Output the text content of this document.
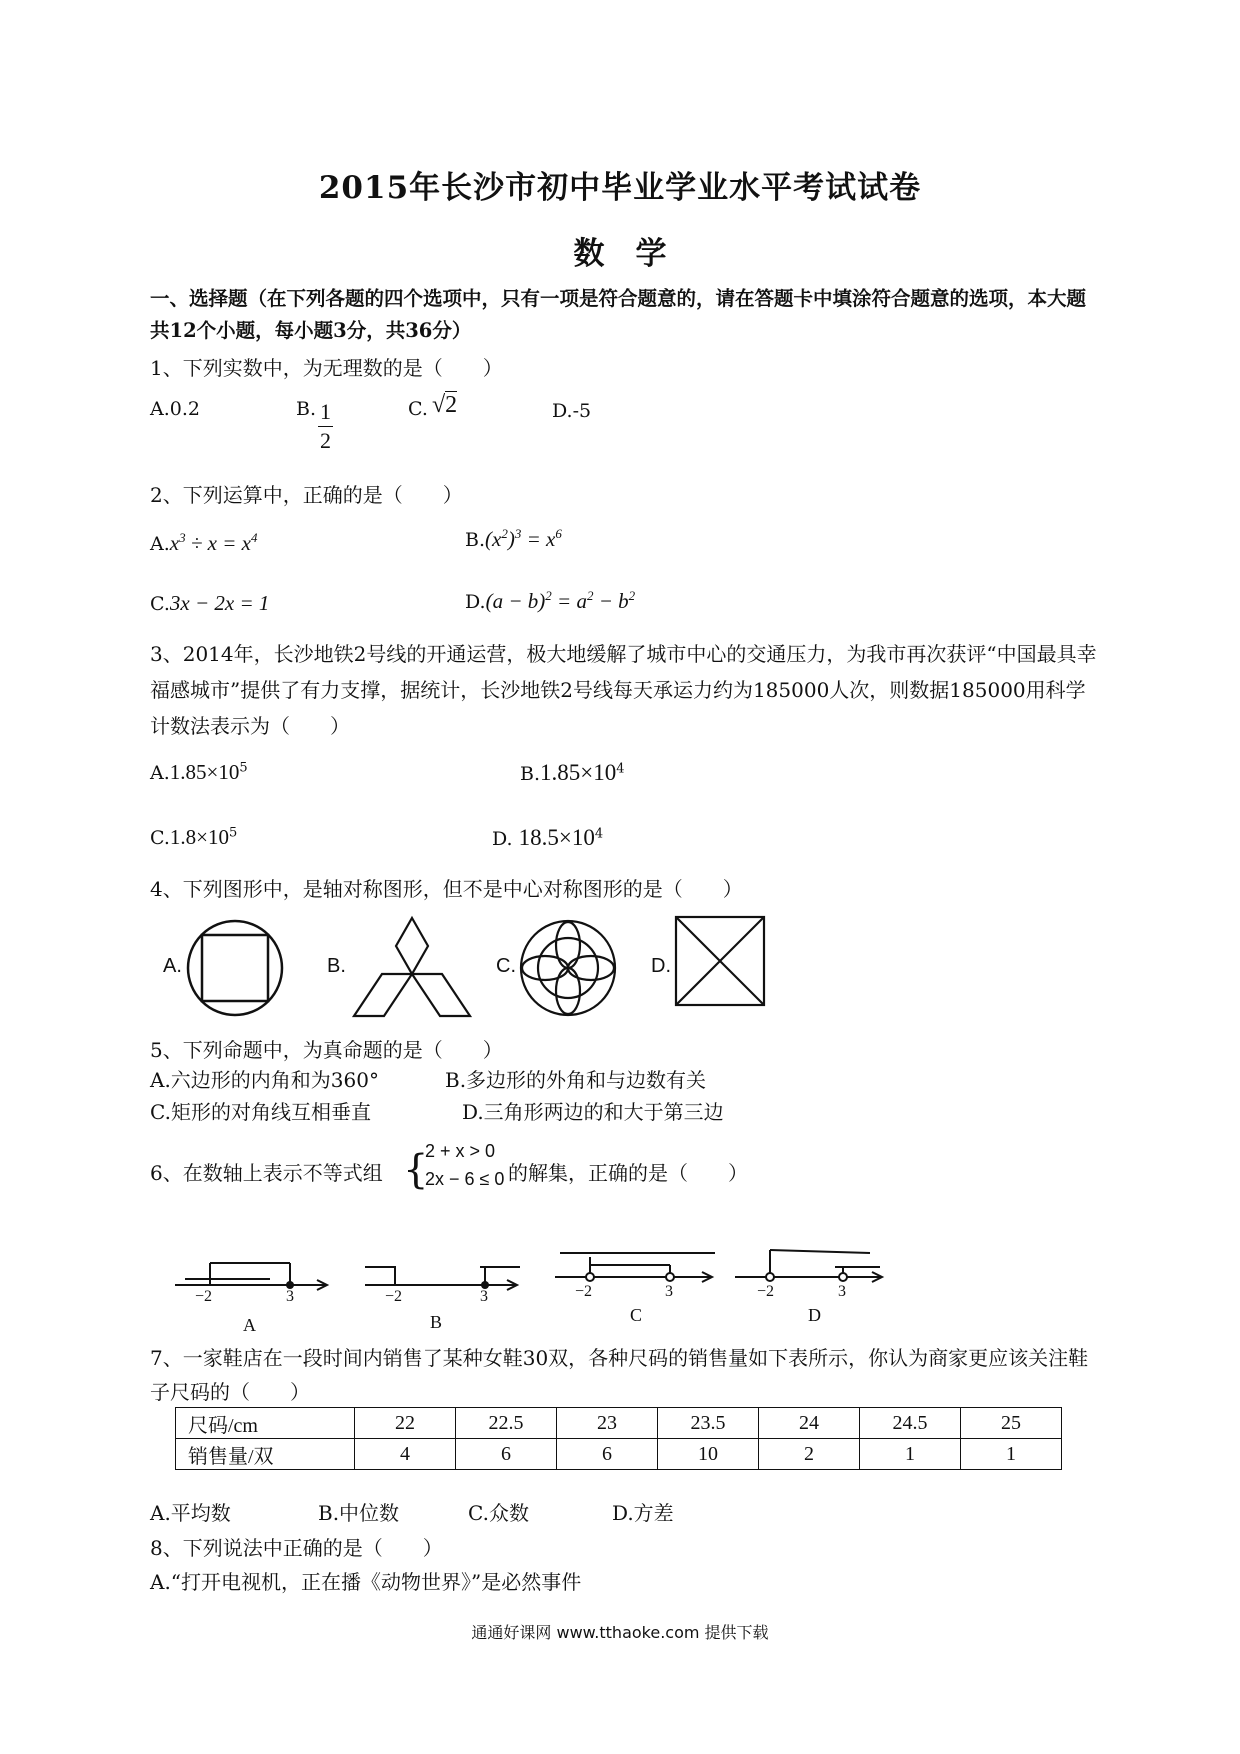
2015年长沙市初中毕业学业水平考试试卷
数　学
一、选择题（在下列各题的四个选项中，只有一项是符合题意的，请在答题卡中填涂符合题意的选项，本大题共12个小题，每小题3分，共36分）
1、下列实数中，为无理数的是（　　）
A.0.2	B. $\frac{1}{2}$	C. √2	D.-5
2、下列运算中，正确的是（　　）
$A.x^3 \div x = x^4$	$B.(x^2)^3 = x^6$
C.3x − 2x = 1	$D.(a - b)^2 = a^2 - b^2$
3、2014年，长沙地铁2号线的开通运营，极大地缓解了城市中心的交通压力，为我市再次获评“中国最具幸福感城市”提供了有力支撑，据统计，长沙地铁2号线每天承运力约为185000人次，则数据185000用科学计数法表示为（　　）
$A.1.85\times 10^5$	$B.1.85\times 10^4$
$C.1.8\times 10^5$	D. $18.5\times 10^4$
4、下列图形中，是轴对称图形，但不是中心对称图形的是（　　）
A.	B.	C.	D.
5、下列命题中，为真命题的是（　　）
A.六边形的内角和为360°	B.多边形的外角和与边数有关
C.矩形的对角线互相垂直	D.三角形两边的和大于第三边
6、在数轴上表示不等式组 {
2 + x > 0
2x − 6 ≤ 0 的解集，正确的是（　　）
−2	3
A
−2	3
B
−2	3
C
−2	3
D
7、一家鞋店在一段时间内销售了某种女鞋30双，各种尺码的销售量如下表所示，你认为商家更应该关注鞋子尺码的（　　）
尺码/cm	22	22.5	23	23.5	24	24.5	25
销售量/双	4	6	6	10	2	1	1
A.平均数	B.中位数	C.众数	D.方差
8、下列说法中正确的是（　　）
A.“打开电视机，正在播《动物世界》”是必然事件
通通好课网 www.tthaoke.com 提供下载
